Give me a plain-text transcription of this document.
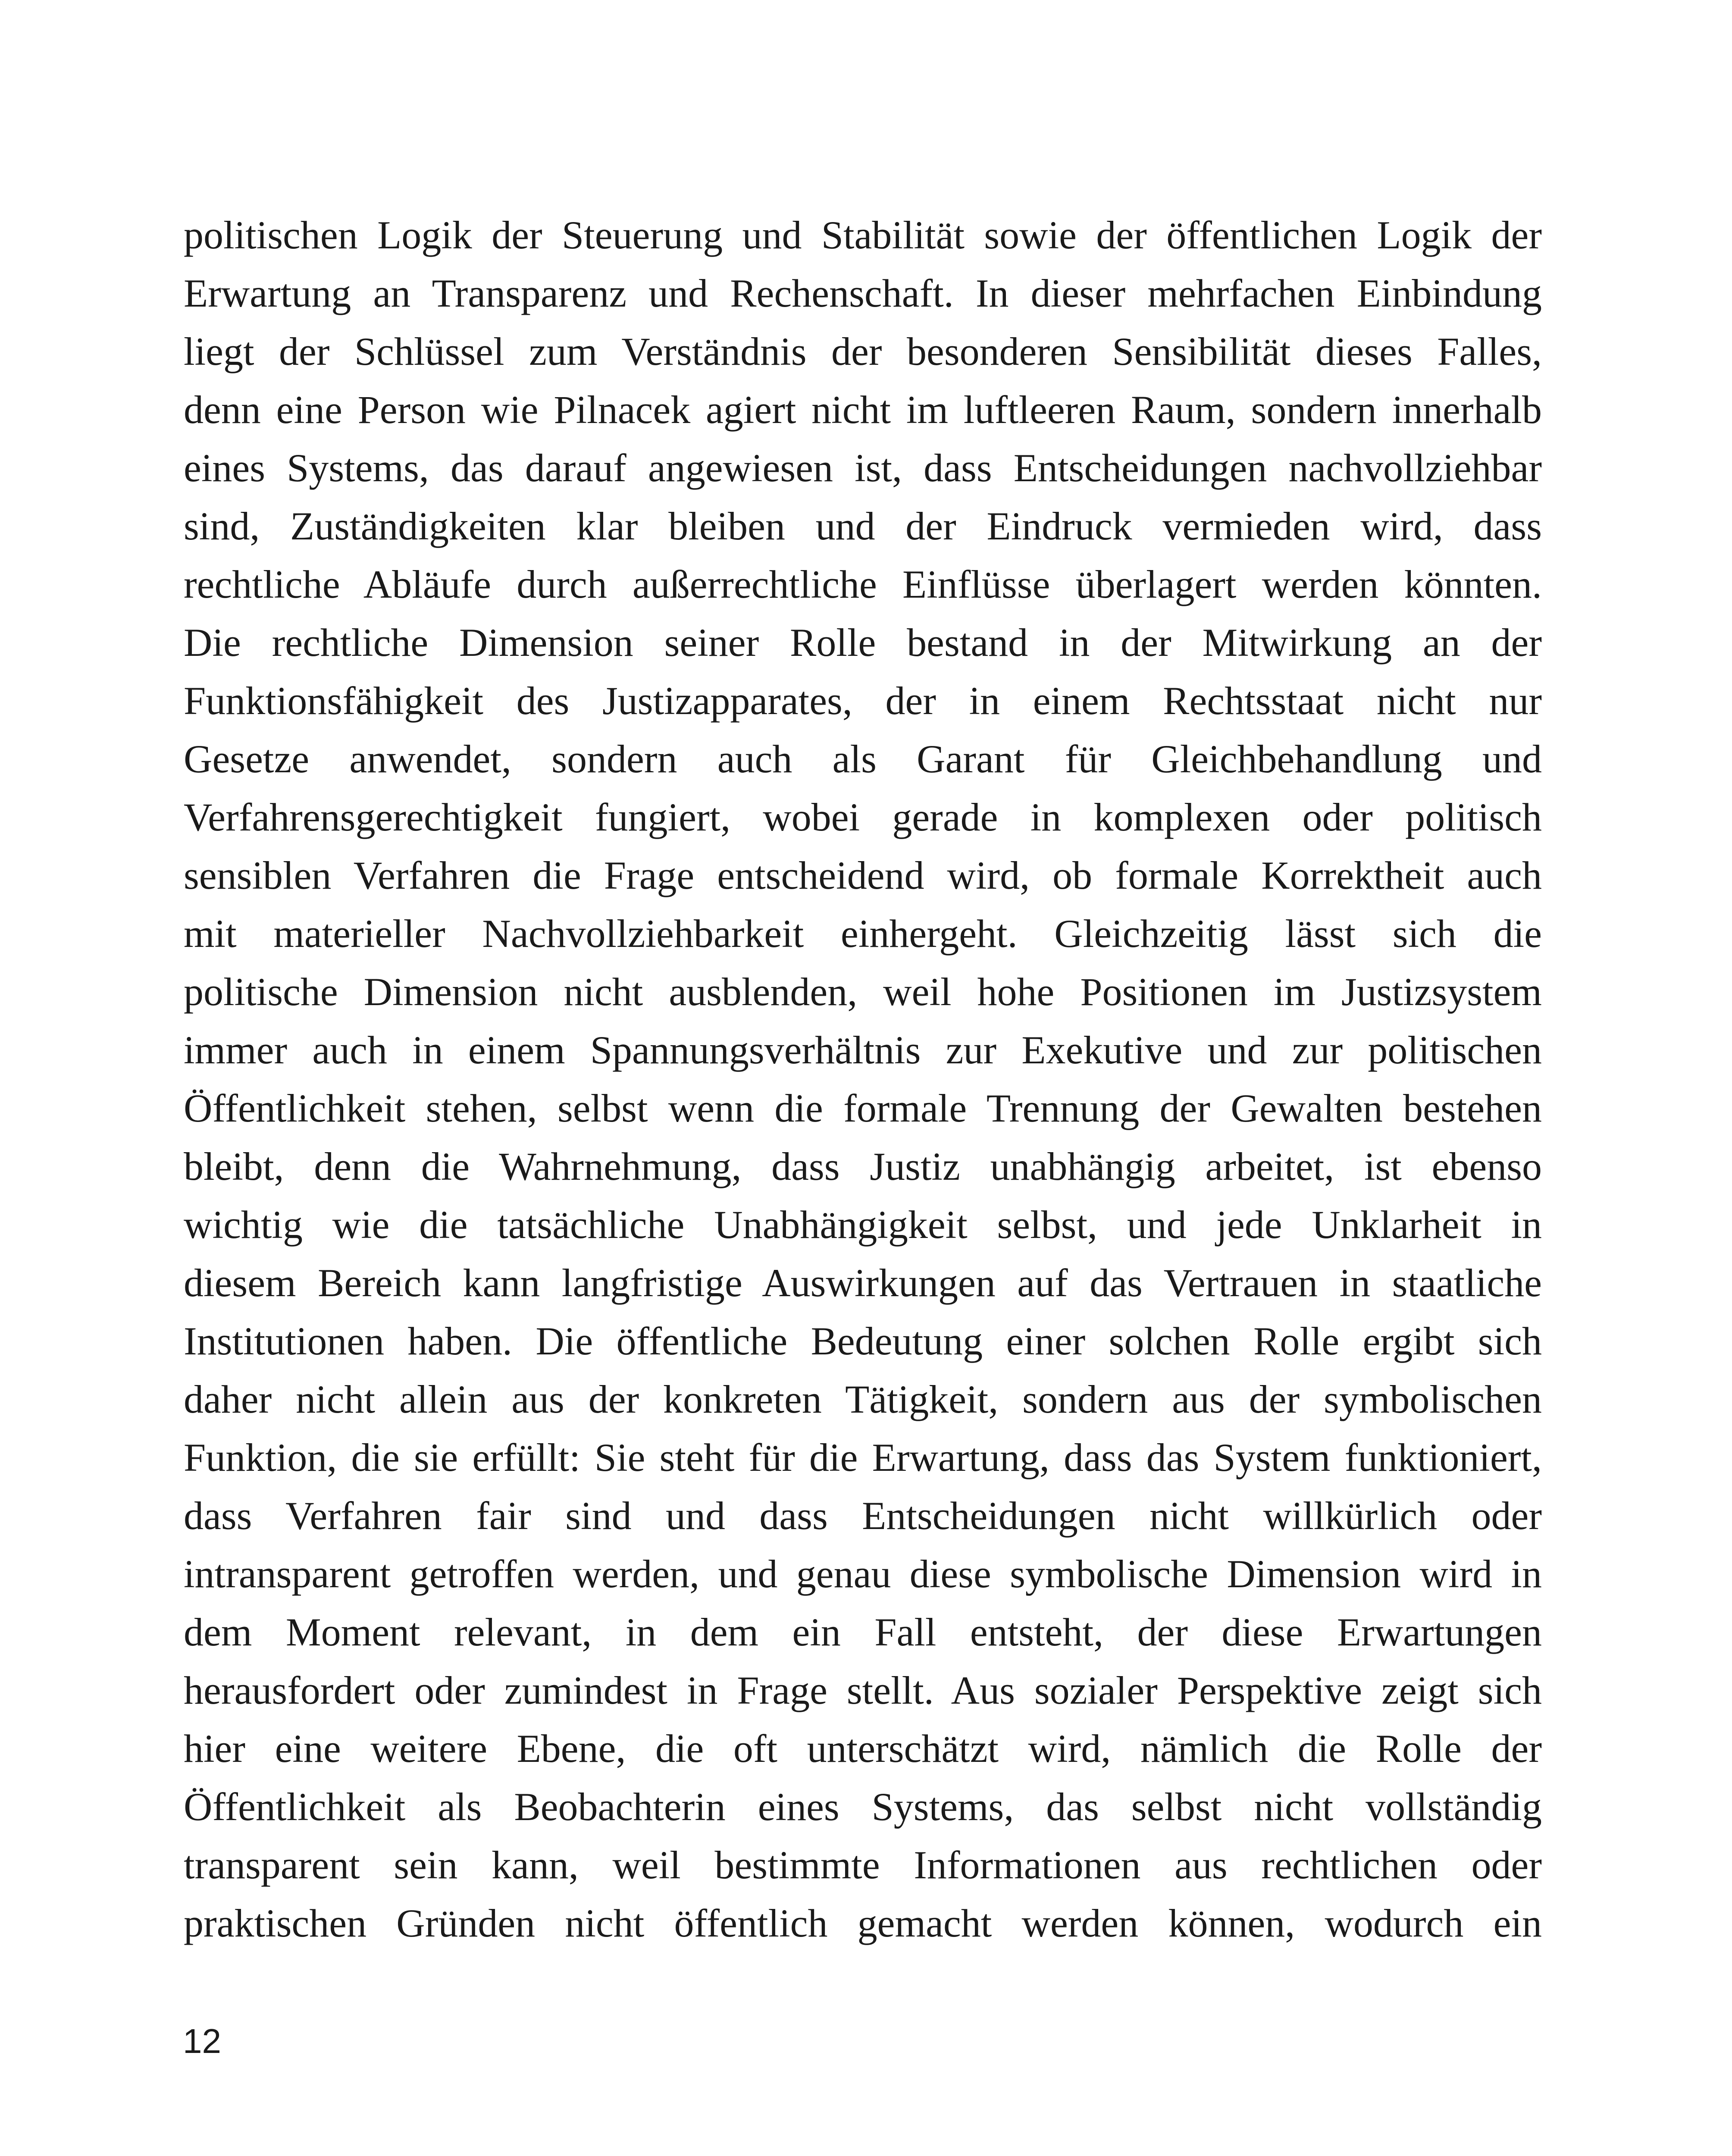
politischen Logik der Steuerung und Stabilität sowie der öffentlichen Logik der
Erwartung an Transparenz und Rechenschaft. In dieser mehrfachen Einbindung
liegt der Schlüssel zum Verständnis der besonderen Sensibilität dieses Falles,
denn eine Person wie Pilnacek agiert nicht im luftleeren Raum, sondern innerhalb
eines Systems, das darauf angewiesen ist, dass Entscheidungen nachvollziehbar
sind, Zuständigkeiten klar bleiben und der Eindruck vermieden wird, dass
rechtliche Abläufe durch außerrechtliche Einflüsse überlagert werden könnten.
Die rechtliche Dimension seiner Rolle bestand in der Mitwirkung an der
Funktionsfähigkeit des Justizapparates, der in einem Rechtsstaat nicht nur
Gesetze anwendet, sondern auch als Garant für Gleichbehandlung und
Verfahrensgerechtigkeit fungiert, wobei gerade in komplexen oder politisch
sensiblen Verfahren die Frage entscheidend wird, ob formale Korrektheit auch
mit materieller Nachvollziehbarkeit einhergeht. Gleichzeitig lässt sich die
politische Dimension nicht ausblenden, weil hohe Positionen im Justizsystem
immer auch in einem Spannungsverhältnis zur Exekutive und zur politischen
Öffentlichkeit stehen, selbst wenn die formale Trennung der Gewalten bestehen
bleibt, denn die Wahrnehmung, dass Justiz unabhängig arbeitet, ist ebenso
wichtig wie die tatsächliche Unabhängigkeit selbst, und jede Unklarheit in
diesem Bereich kann langfristige Auswirkungen auf das Vertrauen in staatliche
Institutionen haben. Die öffentliche Bedeutung einer solchen Rolle ergibt sich
daher nicht allein aus der konkreten Tätigkeit, sondern aus der symbolischen
Funktion, die sie erfüllt: Sie steht für die Erwartung, dass das System funktioniert,
dass Verfahren fair sind und dass Entscheidungen nicht willkürlich oder
intransparent getroffen werden, und genau diese symbolische Dimension wird in
dem Moment relevant, in dem ein Fall entsteht, der diese Erwartungen
herausfordert oder zumindest in Frage stellt. Aus sozialer Perspektive zeigt sich
hier eine weitere Ebene, die oft unterschätzt wird, nämlich die Rolle der
Öffentlichkeit als Beobachterin eines Systems, das selbst nicht vollständig
transparent sein kann, weil bestimmte Informationen aus rechtlichen oder
praktischen Gründen nicht öffentlich gemacht werden können, wodurch ein
12
